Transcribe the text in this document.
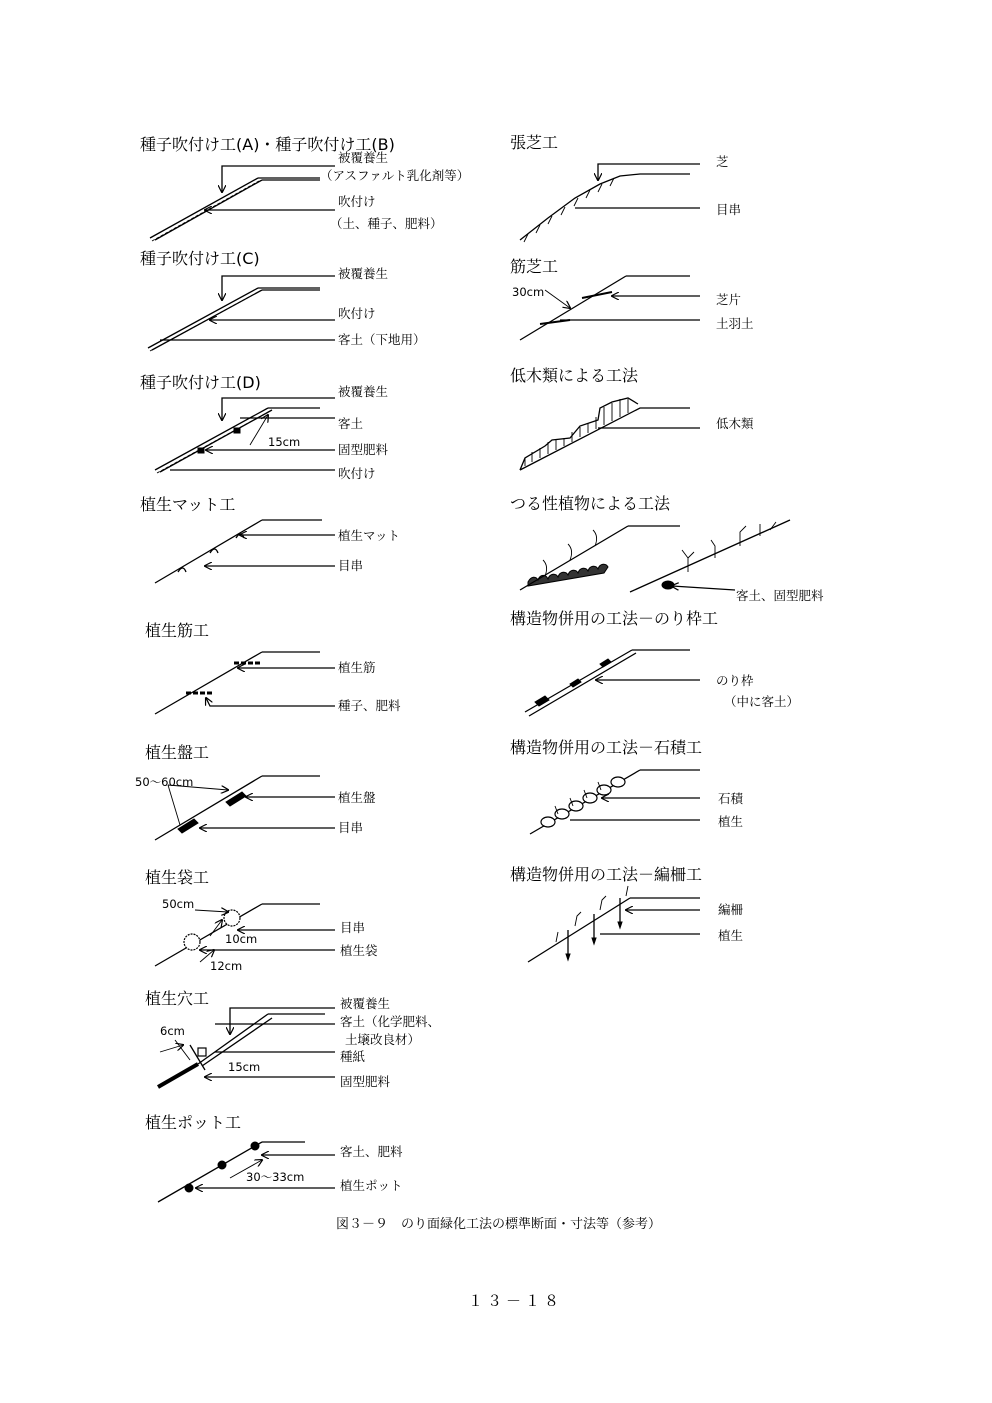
種子吹付け工(A)・種子吹付け工(B)
被覆養生
（アスファルト乳化剤等）
吹付け
（土、種子、肥料）
種子吹付け工(C)
被覆養生
吹付け
客土（下地用）
種子吹付け工(D)
15cm
被覆養生
客土
固型肥料
吹付け
植生マット工
植生マット
目串
植生筋工
植生筋
種子、肥料
植生盤工
50～60cm
植生盤
目串
植生袋工
50cm
10cm
12cm
目串
植生袋
植生穴工
6cm
15cm
被覆養生
客土（化学肥料、
土壌改良材）
種紙
固型肥料
植生ポット工
30～33cm
客土、肥料
植生ポット
張芝工
芝
目串
筋芝工
30cm	芝片
土羽土
低木類による工法
低木類
つる性植物による工法
客土、固型肥料
構造物併用の工法－のり枠工
のり枠
（中に客土）
構造物併用の工法－石積工
石積
植生
構造物併用の工法－編柵工
編柵
植生
図３－９　のり面緑化工法の標準断面・寸法等（参考）
１３－１８
